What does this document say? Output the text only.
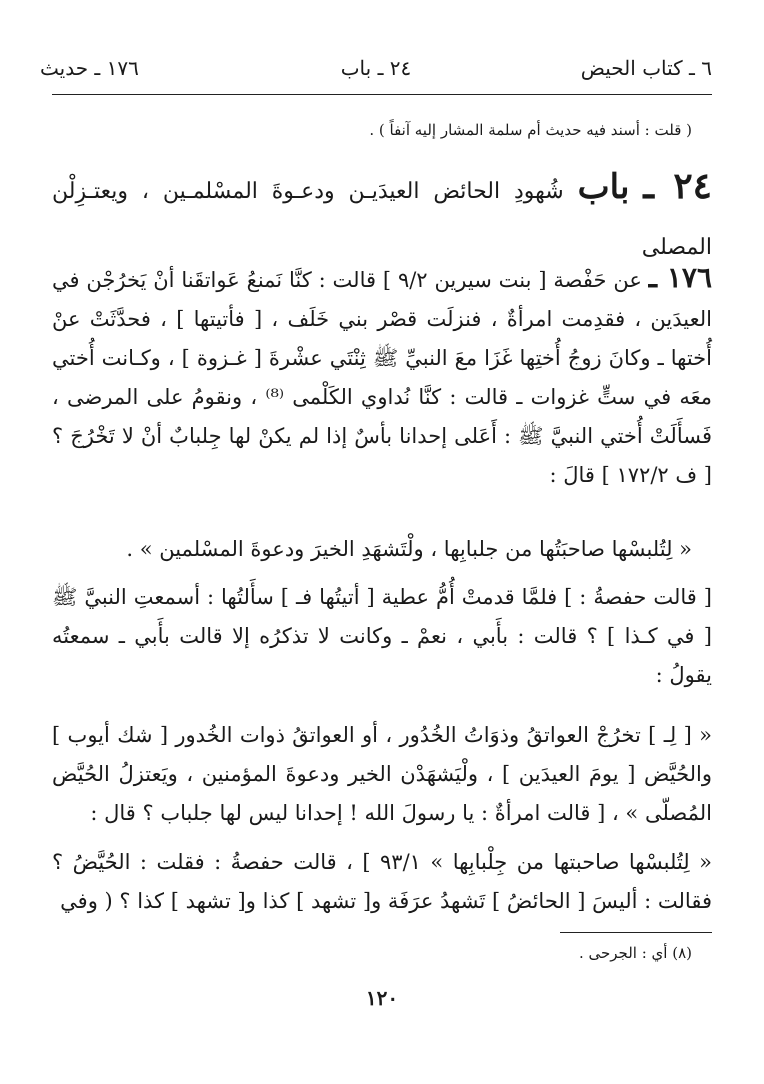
٦ ـ كتاب الحيض
٢٤ ـ باب
١٧٦ ـ حديث
( قلت : أسند فيه حديث أم سلمة المشار إليه آنفاً ) .
٢٤ ـ باب شُهودِ الحائض العيدَيـن ودعـوةَ المسْلمـين ، ويعتـزِلْن المصلى
١٧٦ ـ عن حَفْصة [ بنت سيرين ٩/٢ ] قالت : كنَّا نَمنعُ عَواتقَنا أنْ يَخرُجْن في العيدَين ، فقدِمت امرأةٌ ، فنزلَت قصْر بني خَلَف ، [ فأتيتها ] ، فحدَّثَتْ عنْ أُختها ـ وكانَ زوجُ أُختِها غَزَا معَ النبيِّ ﷺ ثِنْتَي عشْرةَ [ غـزوة ] ، وكـانت أُختي معَه في ستٍّ غزوات ـ قالت : كنَّا نُداوي الكَلْمى ⁽⁸⁾ ، ونقومُ على المرضى ، فَسأَلَتْ أُختي النبيَّ ﷺ : أَعَلى إحدانا بأسٌ إذا لم يكنْ لها جِلبابٌ أنْ لا تَخْرُجَ ؟ [ ف ١٧٢/٢ ] قالَ :
« لِتُلبسْها صاحبَتُها من جلبابِها ، ولْتَشهَدِ الخيرَ ودعوةَ المسْلمين » .
[ قالت حفصةُ : ] فلمَّا قدمتْ أُمُّ عطية [ أتيتُها فـ ] سأَلتُها : أسمعتِ النبيَّ ﷺ [ في كـذا ] ؟ قالت : بأَبي ، نعمْ ـ وكانت لا تذكرُه إلا قالت بأَبي ـ سمعتُه يقولُ :
« [ لِـ ] تخرُجْ العواتقُ وذوَاتُ الخُدُور ، أو العواتقُ ذوات الخُدور [ شك أيوب ] والحُيَّض [ يومَ العيدَين ] ، ولْيَشهَدْن الخير ودعوةَ المؤمنين ، ويَعتزلُ الحُيَّض المُصلّى » ، [ قالت امرأةٌ : يا رسولَ الله ! إحدانا ليس لها جلباب ؟ قال :
« لِتُلبسْها صاحبتها من جِلْبابِها » ٩٣/١ ] ، قالت حفصةُ : فقلت : الحُيَّضُ ؟ فقالت : أليسَ [ الحائضُ ] تَشهدُ عرَفَة و[ تشهد ] كذا و[ تشهد ] كذا ؟ ( وفي
(٨) أي : الجرحى .
١٢٠
